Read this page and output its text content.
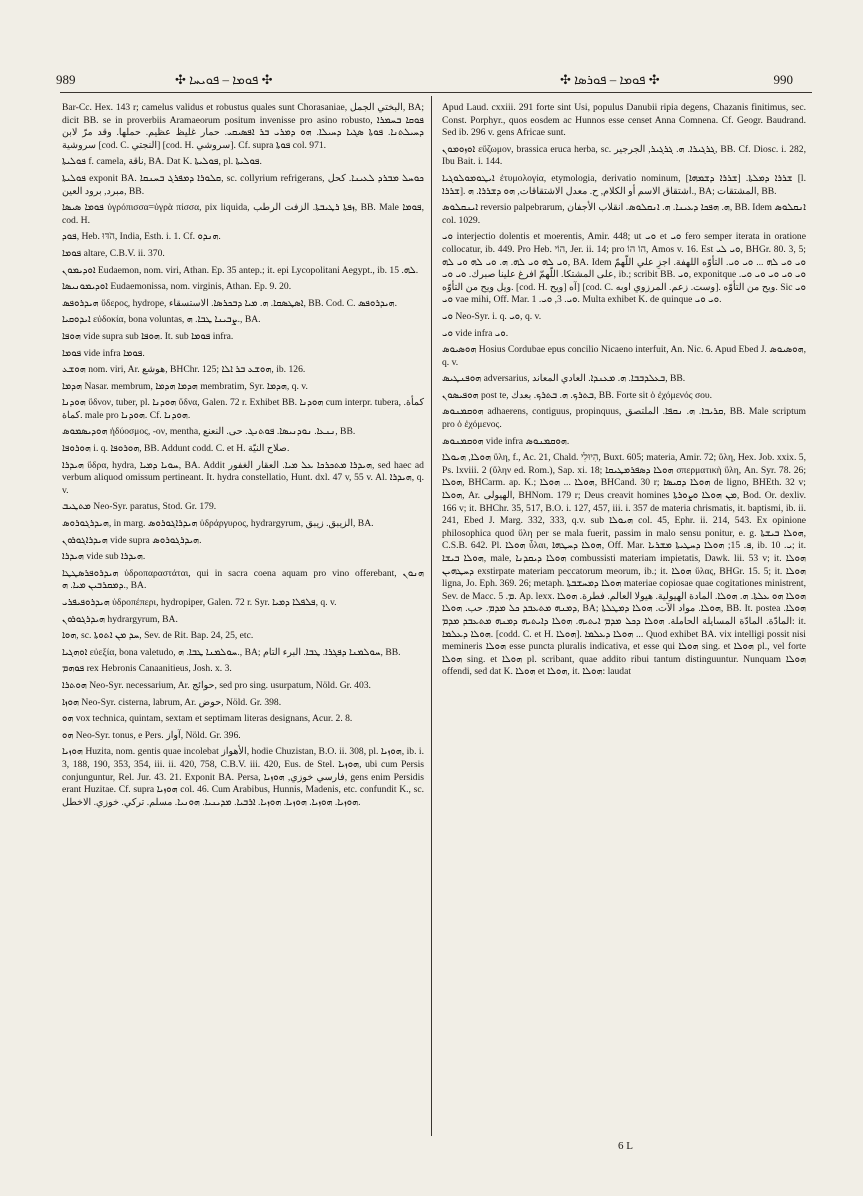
989	✣ ܦܘܡܐ – ܦܘܝܚܐ ✣	✣ ܦܘܡܐ – ܦܘܪܣܐ ✣	990

Bar-Cc. Hex. 143 r; camelus validus et robustus quales sunt Chorasaniae, البختي الجمل, BA; dicit BB. se in proverbiis Aramaeorum positum invenisse pro asino robusto, ܦܘܩܐ ܒܚܡܪܐ ܕܚܝܠܬܢܐ. ܦܘܬܐ ܣܓܝܐ ܕܚܝܠܐ. ܗܘ ܕܡܪܝ ܒܪ ܐܦܣܝܩܝ. حمار غليظ عظيم. حملها. وقد مرّ لابن سروشية [cod. C. النجتي] [cod. H. سروشي]. Cf. supra ܦܘܬܐ col. 971.

ܦܘܠܝܬܐ f. camela, ناقة, BA. Dat K. ܦܘܠܝܬܐ, pl. ܦܘܠܝܬܐ.

ܦܘܠܝܬܐ exponit BA. ܩܠܘܪܐ ܕܡܦܪܓ ܒܚܢܩܐ, sc. collyrium refrigerans, ܟܘܚܠ ܡܒܪܕ ܠܥܝܢܐ. كحل مبرد, برود العين, BB.

ܦܘܡܐ ܣܝܣܐ ὑγρόπισσα=ὑγρὰ πίσσα, pix liquida, ܙܦܬܐ ܪܛܝܒܬܐ. الزفت الرطب, BB. Male ܦܘܡܐ, cod. H.

ܦܘܕ, Heb. הֹדּוּ, India, Esth. i. 1. Cf. ܗܢܕܘ.

ܦܘܡܐ altare, C.B.V. ii. 370.

ܐܘܕܝܡܘܢ Eudaemon, nom. viri, Athan. Ep. 35 antep.; it. epi Lycopolitani Aegypt., ib. ܠܗ. 15.

ܐܘܕܝܡܘܢܝܣܐ Eudaemonissa, nom. virginis, Athan. Ep. 9. 20.

ܗܝܕܪܘܦܣ ὕδερος, hydrope, ܐܣܛܣܩܐ. ܗ. ܡܝܐ ܕܒܟܪܣܐ. الاستسقاء, BB. Cod. C. ܗܝܕܪܘܦܣ.

ܐܝܕܘܩܝܐ εὐδοκία, bona voluntas, ܨܒܝܢܐ ܛܒܐ. ܗ., BA.

ܗܘܦܐ vide supra sub ܗܘܦܐ. It. sub ܦܘܡܐ infra.

ܦܘܡܐ vide infra ܦܘܡܐ.

ܗܘܫܥ nom. viri, Ar. هوشع, BHChr. 125; ܗܘܫܥ ܒܪ ܐܠܐ, ib. 126.

ܗܕܡܐ Nasar. membrum, ܗܕܡܐ ܗܕܡܐ membratim, Syr. ܗܕܡܐ, q. v.

ܗܘܕܢܐ ὕδνον, tuber, pl. ܗܘܕܢܐ ὕδνα, Galen. 72 r. Exhibet BB. ܗܘܕܢܐ cum interpr. tubera, كمأة. كماة. male pro ܗܘܕܢܐ. Cf. ܗܘܕܢܐ.

ܗܘܕܝܣܡܘܣ ἡδύοσμος, -ον, mentha, ܢܢܥܐ. ܢܘܕܢܝܣܐ. ܦܘܬܢܓ. حى. النعنع, BB.

ܗܘܪܘܦܐ i. q. ܗܘܪܘܦܐ, BB. Addunt codd. C. et H. صلاح النيّة.

ܗܝܕܪܐ ὕδρα, hydra, ܚܘܝܐ ܕܡܝܐ, BA. Addit ܗܝܕܪܐ ܡܬܟܪܟܐ ܥܠ ܡܝܐ. العقار الغفور, sed haec ad verbum aliquod omissum pertineant. It. hydra constellatio, Hunt. dxl. 47 v, 55 v. Al. ܗܝܕܪܐ, q. v.

ܡܬܛܝܒ Neo-Syr. paratus, Stod. Gr. 179.

ܗܝܕܪܓܘܪܘܣ, in marg. ܗܝܕܪܐܓܘܪܘܣ ὑδράργυρος, hydrargyrum, الزيبق. زيبق, BA.

ܗܝܕܪܐܓܘܪܘܢ vide supra ܗܝܕܪܓܘܪܘܣ.

ܗܝܕܪܐ vide sub ܗܝܕܪܐ.

ܗܝܕܪܘܦܪܣܛܛܐ ὑδροπαραστάται, qui in sacra coena aquam pro vino offerebant, ܗܢܘܢ ܕܡܩܪܒܝܢ ܡܝܐ. ܗ., BA.

ܗܝܕܪܘܦܝܦܪܝ ὑδροπέπερι, hydropiper, Galen. 72 r. Syr. ܦܠܦܠܐ ܕܡܝܐ, q. v.

ܗܝܕܪܓܘܪܘܢ hydrargyrum, BA.

ܗܘܐ, sc. ܚܕ ܡܢ ܐܬܘܬܐ, Sev. de Rit. Bap. 24, 25, etc.

ܐܘܗܓܝܐ εὐεξία, bona valetudo, ܚܘܠܡܢܐ ܛܒܐ. ܗ., BA; ܚܘܠܡܢܐ ܕܦܓܪܐ. ܛܒܐ. البرء التام, BB.

ܦܘܗܡ rex Hebronis Canaanitieus, Josh. x. 3.

ܗܘܬܪܐ Neo-Syr. necessarium, Ar. حوائج, sed pro sing. usurpatum, Nöld. Gr. 403.

ܗܘܙܐ Neo-Syr. cisterna, labrum, Ar. حوض, Nöld. Gr. 398.

ܗܘ vox technica, quintam, sextam et septimam literas designans, Acur. 2. 8.

ܗܘ Neo-Syr. tonus, e Pers. آواز, Nöld. Gr. 396.

ܗܘܙܝܐ Huzita, nom. gentis quae incolebat الأهواز, hodie Chuzistan, B.O. ii. 308, pl. ܗܘܙܝܐ, ib. i. 3, 188, 190, 353, 354, iii. ii. 420, 758, C.B.V. iii. 420, Eus. de Stel. ܗܘܙܝܐ, ubi cum Persis conjunguntur, Rel. Jur. 43. 21. Exponit BA. Persa, فارسي خوزي, ܗܘܙܝܐ, gens enim Persidis erant Huzitae. Cf. supra ܗܘܙܝܐ col. 46. Cum Arabibus, Hunnis, Madenis, etc. confundit K., sc. ܗܘܙܝܐ. ܗܘܙܝܐ. ܗܘܙܝܐ. ܗܘܙܝܐ. ܐܪܒܝܐ. ܡܕܝܢܝܐ. ܗܘܢܝܐ. مسلم. تركي. خوزي. الاخطل.

Apud Laud. cxxiii. 291 forte sint Usi, populus Danubii ripia degens, Chazanis finitimus, sec. Const. Porphyr., quos eosdem ac Hunnos esse censet Anna Comnena. Cf. Geogr. Baudrand. Sed ib. 296 v. gens Africae sunt.

ܐܘܙܘܡܘܢ εὔζωμον, brassica eruca herba, sc. ܓܪܓܝܪܐ. ܗ. ܓܪܓܝܪ, الجرجير, BB. Cf. Diosc. i. 282, Ibu Bait. i. 144.

ܐܝܛܘܡܘܠܘܓܝܐ ἐτυμολογία, etymologia, derivatio nominum, ܫܪܪܐ ܕܡܠܬܐ. [ܫܪܪܐ ܕܫܡܗܐ] [l. ܫܪܪܐ]. اشتقاق الاسم أو الكلام, ح. معدل الاشتقاقات, ܗܘ ܕܫܪܪܐ. ܗ., BA; المشتقات, BB.

ܐܝܢܩܠܘܣ reversio palpebrarum, ܗ. ܗܦܟܐ ܕܥܝܢܐ. ܗ. ܐܢܩܠܘܣ. انقلاب الأجفان, BB. Idem ܐܢܩܠܘܣ col. 1029.

ܘܝ interjectio dolentis et moerentis, Amir. 448; ut ܘܝ et ܘܝ fero semper iterata in oratione collocatur, ib. 449. Pro Heb. הוֹי, Jer. ii. 14; pro הוֹ הוֹ, Amos v. 16. Est ܘܝ ܠܝ, BHGr. 80. 3, 5; ܘܝ ܠܗ ܘܝ ܠܗ. ܗ. ܘܝ ܠܗ ܘܝ ܠܗ, BA. Idem ܘܝ ܘܝ ܠܗ ... ܘܝ ܘܝ. التأوّه اللهفة. اجزِ علي اللّهمّ على المشتكا. اللّهمّ افرغ علينا صبرك. ܘܝ ܘܝ, ib.; scribit BB. ܘܝ, exponitque ܘܝ ܘܝ ܘܝ ܘܝ ܘܝ. ويل ويح من التأوّه. [cod. H. ويح] آه] [cod. C. وست. زعم. المرزوي اوبه]. ويح من التأوّه. Sic ܘܝ ܘܝ vae mihi, Off. Mar. ܘܝ. 3, ܘܝ. 1. Multa exhibet K. de quinque ܘܝ ܘܝ.

ܘܝ Neo-Syr. i. q. ܘܝ, q. v.

ܘܝ vide infra ܘܝ.

ܗܘܣܝܘܣ Hosius Cordubae epus concilio Nicaeno interfuit, An. Nic. 6. Apud Ebed J. ܗܘܣܝܘܣ, q. v.

ܗܘܦܢܛܝܣ adversarius, ܒܥܠܕܒܒܐ. ܗ. ܡܥܢܕܐ. العادي المعاند, BB.

ܗܘܦܝܣܘܢ post te, ܒܬܪܟ. ܗ. ܒܬܪܟ. بعدك, BB. Forte sit ὁ ἐχόμενός σου.

ܗܘܩܡܢܘܣ adhaerens, contiguus, propinquus, ܩܪܝܒܐ. ܗ. ܢܩܦܐ. الملتصق, BB. Male scriptum pro ὁ ἐχόμενος.

ܗܘܩܡܢܘܣ vide infra ܗܘܩܡܢܘܣ.

ܗܘܠܐ, ܗܝܘܠܐ ὕλη, f., Ac. 21, Chald. הִיוּלִי, Buxt. 605; materia, Amir. 72; ὕλη, Hex. Job. xxix. 5, Ps. lxviii. 2 (ὕλην ed. Rom.), Sap. xi. 18; ܗܘܠܐ ܕܣܦܪܡܛܝܩܐ σπερματικὴ ὕλη, An. Syr. 78. 26; ܗܘܠܐ, BHCarm. ap. K.; ܗܘܠܐ ... ܗܘܠܐ, BHCand. 30 r; ܗܘܠܐ ܕܩܝܣܐ de ligno, BHEth. 32 v; ܗܘܠܐ, Ar. الهيولى, BHNom. 179 r; Deus creavit homines ܡܢ ܗܘܠܐ ܘܨܘܪܬܐ, Bod. Or. dexliv. 166 v; it. BHChr. 35, 517, B.O. i. 127, 457, iii. i. 357 de materia chrismatis, it. baptismi, ib. ii. 241, Ebed J. Marg. 332, 333, q.v. sub ܗܝܘܠܐ col. 45, Ephr. ii. 214, 543. Ex opinione philosophica quod ὕλη per se mala fuerit, passim in malo sensu ponitur, e. g. ܗܘܠܐ ܒܝܫܬܐ, C.S.B. 642. Pl. ܗܘܠܐ ὗλαι, ܗܘܠܐ ܕܚܛܗܐ, Off. Mar. ܦ. 15; ܗܘܠܐ ܕܚܛܝܬܐ ܡܫܪܝܐ, ib. ܝ. 10; it. ܗܘܠܐ ܒܝܫܐ, male, ܗܘܠܐ ܕܝܩܕܢܐ combussisti materiam impietatis, Dawk. lii. 53 v; it. ܗܘܠܐ ܕܚܛܗܝܢ exstirpate materiam peccatorum meorum, ib.; it. ܗܘܠܐ ὕλας, BHGr. 15. 5; it. ܗܘܠܐ ligna, Jo. Eph. 369. 26; metaph. ܗܘܠܐ ܕܡܚܫܒܬܐ materiae copiosae quae cogitationes ministrent, Sev. de Macc. ܡ. 5. Ap. lexx. ܗܘܠܐ ܗܘ ܥܠܬܐ. ܗ. ܗܘܠܐ. المادة الهيولية. هيولا العالم. فطرة. ܗܘܠܐ ܕܡܢܗ ܡܬܥܒܕ ܟܠ ܡܕܡ. حب. ܗܘܠܐ, BA; ܗܘܠܐ. مواد الآت. ܗܘܠܐ ܕܡܛܠܬܐ, BB. It. postea ܗܘܠܐ. المادّة. المادّة المسايلة الحاملة. ܗܘܠܐ ܕܟܠ ܡܕܡ ܐܝܬܝܗ. ܗܘܠܐ ܕܐܝܬܝܗ ܕܡܢܗ ܡܬܥܒܕ ܡܕܡ: it. ܗܘܠܐ ܕܥܠܡܐ. [codd. C. et H. ܗܘܠܐ]. ܗܘܠܐ ܕܥܠܡܐ ... Quod exhibet BA. vix intelligi possit nisi meminеris ܗܘܠܐ esse puncta pluralis indicativa, et esse qui ܗܘܠܐ sing. et ܗܘܠܐ pl., vel forte ܗܘܠܐ sing. et ܗܘܠܐ pl. scribant, quae addito ribui tantum distinguuntur. Nunquam ܗܘܠܐ offendi, sed dat K. ܗܘܠܐ et ܗܘܠܐ, it. ܗܘܠܐ: laudat

6 L
